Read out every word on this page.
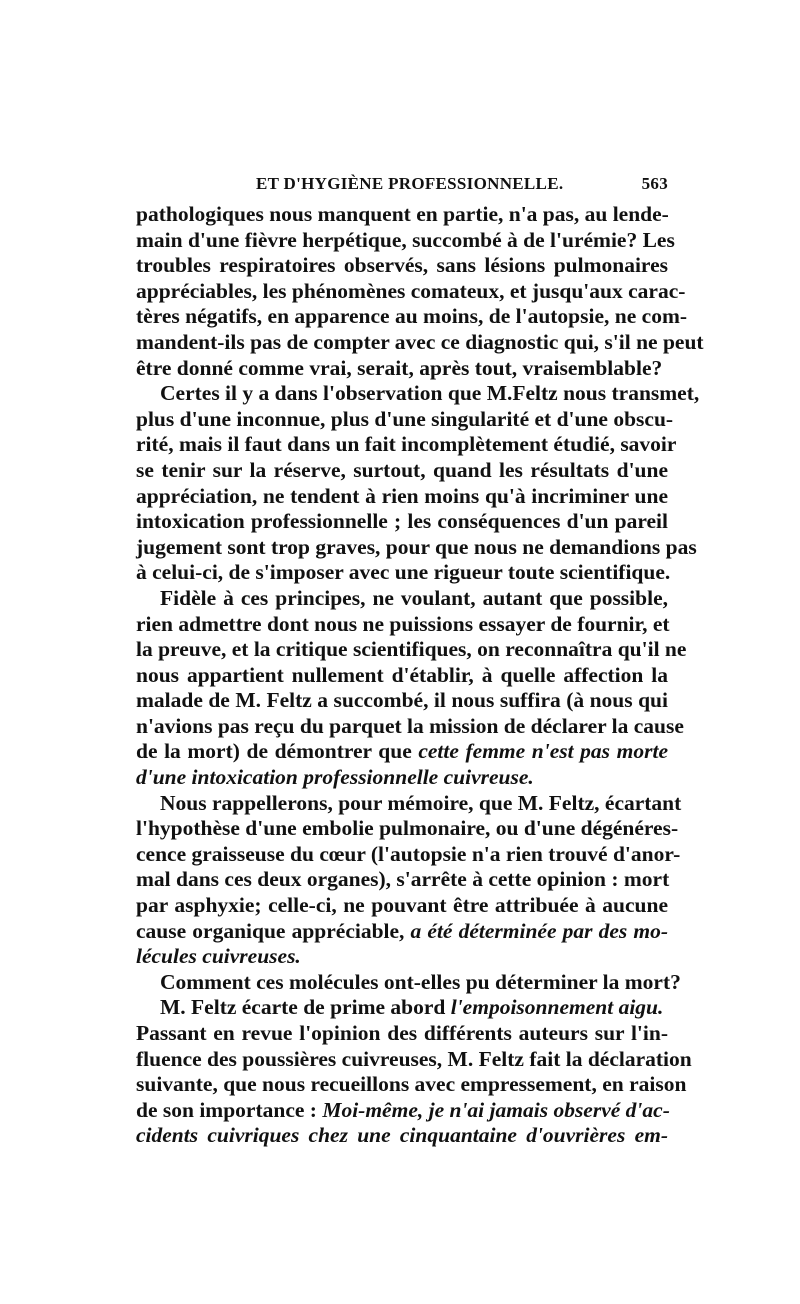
ET D'HYGIÈNE PROFESSIONNELLE.	563
pathologiques nous manquent en partie, n'a pas, au lende-
main d'une fièvre herpétique, succombé à de l'urémie? Les
troubles respiratoires observés, sans lésions pulmonaires
appréciables, les phénomènes comateux, et jusqu'aux carac-
tères négatifs, en apparence au moins, de l'autopsie, ne com-
mandent-ils pas de compter avec ce diagnostic qui, s'il ne peut
être donné comme vrai, serait, après tout, vraisemblable?
Certes il y a dans l'observation que M.Feltz nous transmet,
plus d'une inconnue, plus d'une singularité et d'une obscu-
rité, mais il faut dans un fait incomplètement étudié, savoir
se tenir sur la réserve, surtout, quand les résultats d'une
appréciation, ne tendent à rien moins qu'à incriminer une
intoxication professionnelle ; les conséquences d'un pareil
jugement sont trop graves, pour que nous ne demandions pas
à celui-ci, de s'imposer avec une rigueur toute scientifique.
Fidèle à ces principes, ne voulant, autant que possible,
rien admettre dont nous ne puissions essayer de fournir, et
la preuve, et la critique scientifiques, on reconnaîtra qu'il ne
nous appartient nullement d'établir, à quelle affection la
malade de M. Feltz a succombé, il nous suffira (à nous qui
n'avions pas reçu du parquet la mission de déclarer la cause
de la mort) de démontrer que cette femme n'est pas morte
d'une intoxication professionnelle cuivreuse.
Nous rappellerons, pour mémoire, que M. Feltz, écartant
l'hypothèse d'une embolie pulmonaire, ou d'une dégénéres-
cence graisseuse du cœur (l'autopsie n'a rien trouvé d'anor-
mal dans ces deux organes), s'arrête à cette opinion : mort
par asphyxie; celle-ci, ne pouvant être attribuée à aucune
cause organique appréciable, a été déterminée par des mo-
lécules cuivreuses.
Comment ces molécules ont-elles pu déterminer la mort?
M. Feltz écarte de prime abord l'empoisonnement aigu.
Passant en revue l'opinion des différents auteurs sur l'in-
fluence des poussières cuivreuses, M. Feltz fait la déclaration
suivante, que nous recueillons avec empressement, en raison
de son importance : Moi-même, je n'ai jamais observé d'ac-
cidents cuivriques chez une cinquantaine d'ouvrières em-
